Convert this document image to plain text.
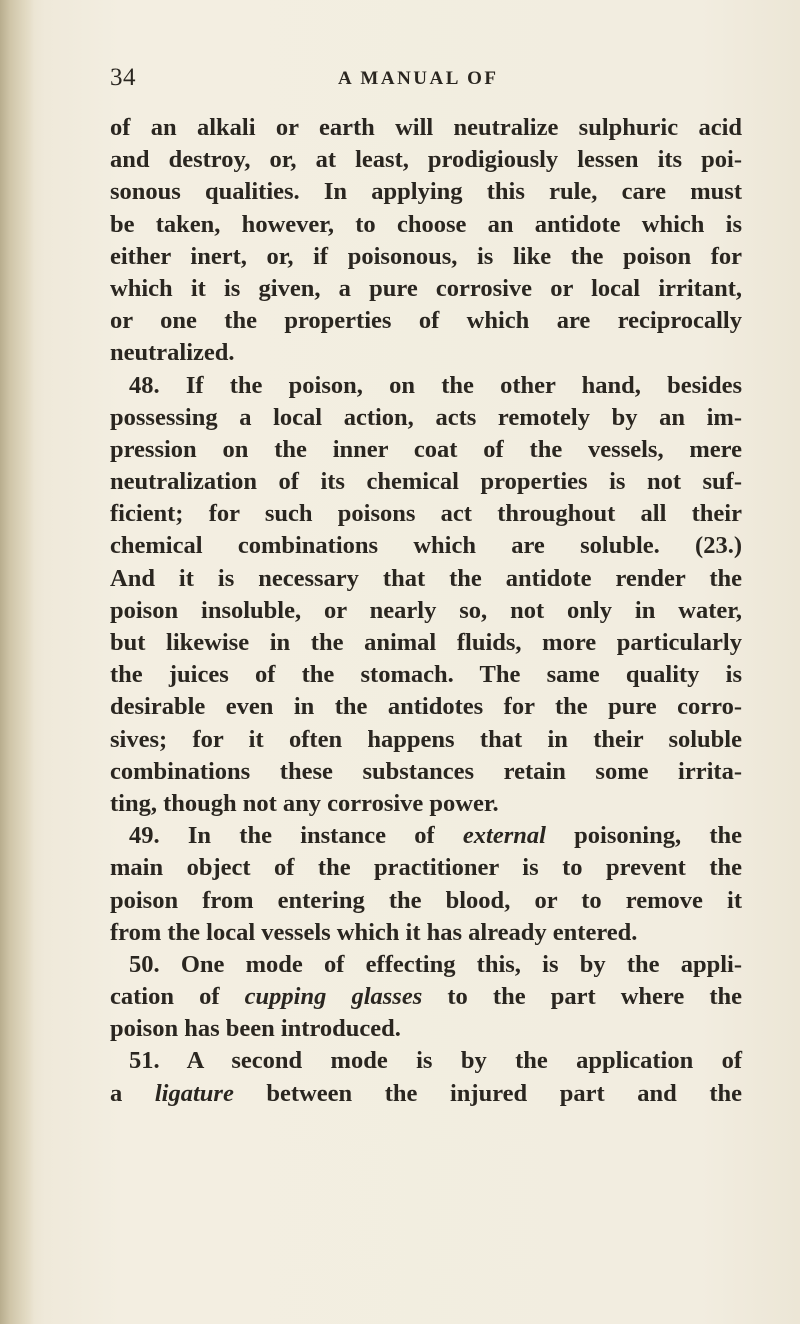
34	A MANUAL OF
of an alkali or earth will neutralize sulphuric acid
and destroy, or, at least, prodigiously lessen its poi-
sonous qualities. In applying this rule, care must
be taken, however, to choose an antidote which is
either inert, or, if poisonous, is like the poison for
which it is given, a pure corrosive or local irritant,
or one the properties of which are reciprocally
neutralized.
48. If the poison, on the other hand, besides
possessing a local action, acts remotely by an im-
pression on the inner coat of the vessels, mere
neutralization of its chemical properties is not suf-
ficient; for such poisons act throughout all their
chemical combinations which are soluble. (23.)
And it is necessary that the antidote render the
poison insoluble, or nearly so, not only in water,
but likewise in the animal fluids, more particularly
the juices of the stomach. The same quality is
desirable even in the antidotes for the pure corro-
sives; for it often happens that in their soluble
combinations these substances retain some irrita-
ting, though not any corrosive power.
49. In the instance of external poisoning, the
main object of the practitioner is to prevent the
poison from entering the blood, or to remove it
from the local vessels which it has already entered.
50. One mode of effecting this, is by the appli-
cation of cupping glasses to the part where the
poison has been introduced.
51. A second mode is by the application of
a ligature between the injured part and the
